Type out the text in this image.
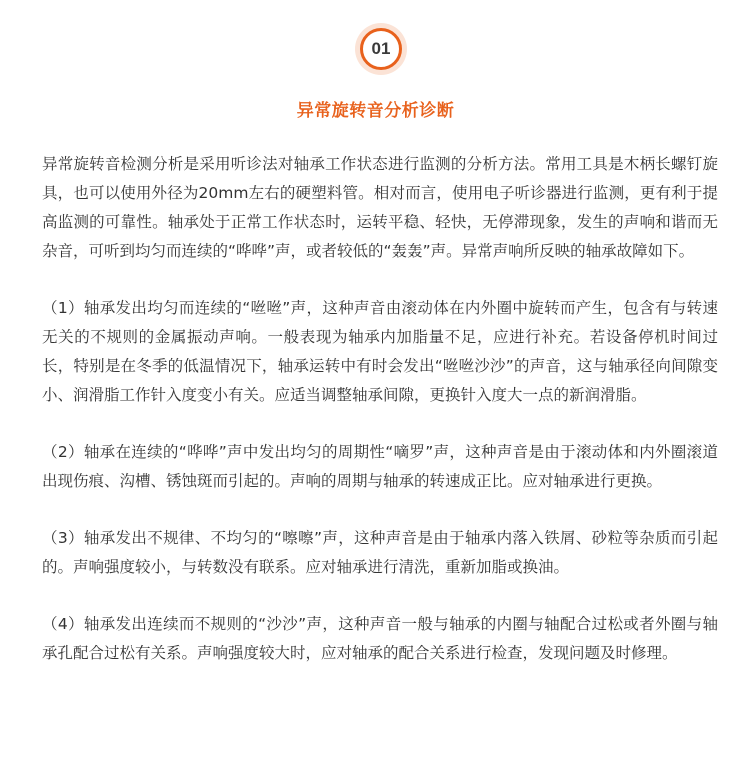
01
异常旋转音分析诊断

异常旋转音检测分析是采用听诊法对轴承工作状态进行监测的分析方法。常用工具是木柄长螺钉旋具，也可以使用外径为20mm左右的硬塑料管。相对而言，使用电子听诊器进行监测，更有利于提高监测的可靠性。轴承处于正常工作状态时，运转平稳、轻快，无停滞现象，发生的声响和谐而无杂音，可听到均匀而连续的“哗哗”声，或者较低的“轰轰”声。异常声响所反映的轴承故障如下。

（1）轴承发出均匀而连续的“咝咝”声，这种声音由滚动体在内外圈中旋转而产生，包含有与转速无关的不规则的金属振动声响。一般表现为轴承内加脂量不足，应进行补充。若设备停机时间过长，特别是在冬季的低温情况下，轴承运转中有时会发出“咝咝沙沙”的声音，这与轴承径向间隙变小、润滑脂工作针入度变小有关。应适当调整轴承间隙，更换针入度大一点的新润滑脂。

（2）轴承在连续的“哗哗”声中发出均匀的周期性“嘀罗”声，这种声音是由于滚动体和内外圈滚道出现伤痕、沟槽、锈蚀斑而引起的。声响的周期与轴承的转速成正比。应对轴承进行更换。

（3）轴承发出不规律、不均匀的“嚓嚓”声，这种声音是由于轴承内落入铁屑、砂粒等杂质而引起的。声响强度较小，与转数没有联系。应对轴承进行清洗，重新加脂或换油。

（4）轴承发出连续而不规则的“沙沙”声，这种声音一般与轴承的内圈与轴配合过松或者外圈与轴承孔配合过松有关系。声响强度较大时，应对轴承的配合关系进行检查，发现问题及时修理。
